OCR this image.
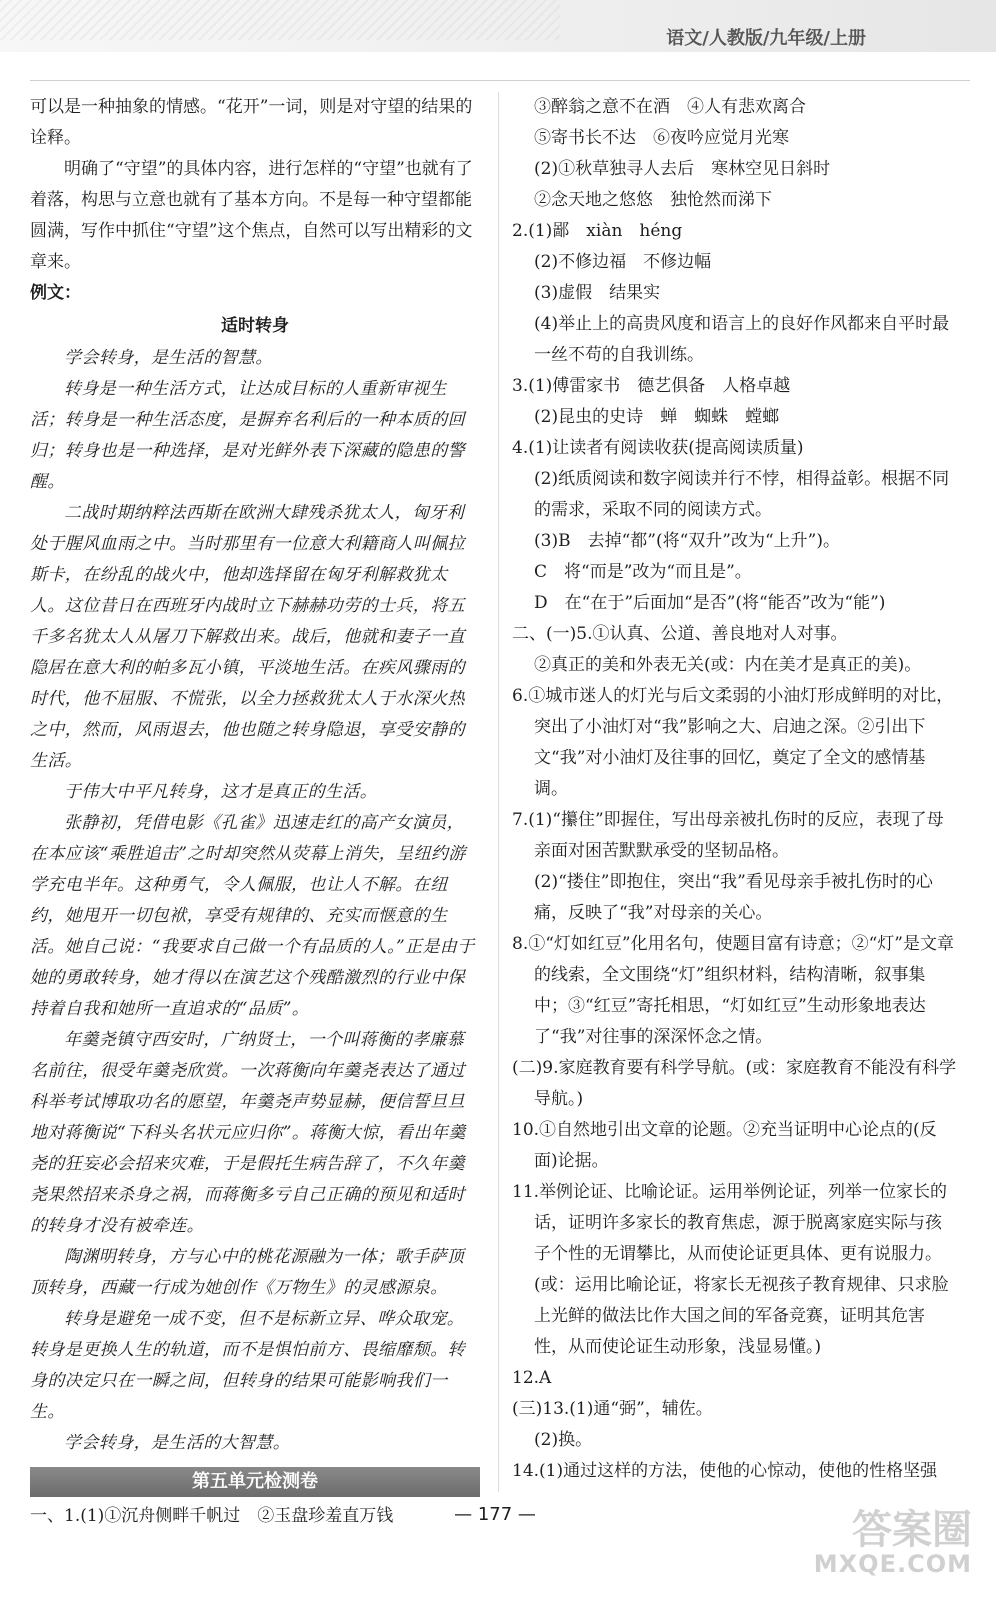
语文/人教版/九年级/上册

可以是一种抽象的情感。“花开”一词，则是对守望的结果的诠释。

明确了“守望”的具体内容，进行怎样的“守望”也就有了着落，构思与立意也就有了基本方向。不是每一种守望都能圆满，写作中抓住“守望”这个焦点，自然可以写出精彩的文章来。

例文：

适时转身

学会转身，是生活的智慧。

转身是一种生活方式，让达成目标的人重新审视生活；转身是一种生活态度，是摒弃名利后的一种本质的回归；转身也是一种选择，是对光鲜外表下深藏的隐患的警醒。

二战时期纳粹法西斯在欧洲大肆残杀犹太人，匈牙利处于腥风血雨之中。当时那里有一位意大利籍商人叫佩拉斯卡，在纷乱的战火中，他却选择留在匈牙利解救犹太人。这位昔日在西班牙内战时立下赫赫功劳的士兵，将五千多名犹太人从屠刀下解救出来。战后，他就和妻子一直隐居在意大利的帕多瓦小镇，平淡地生活。在疾风骤雨的时代，他不屈服、不慌张，以全力拯救犹太人于水深火热之中，然而，风雨退去，他也随之转身隐退，享受安静的生活。

于伟大中平凡转身，这才是真正的生活。

张静初，凭借电影《孔雀》迅速走红的高产女演员，在本应该“乘胜追击”之时却突然从荧幕上消失，呈纽约游学充电半年。这种勇气，令人佩服，也让人不解。在纽约，她甩开一切包袱，享受有规律的、充实而惬意的生活。她自己说：“我要求自己做一个有品质的人。”正是由于她的勇敢转身，她才得以在演艺这个残酷激烈的行业中保持着自我和她所一直追求的“品质”。

年羹尧镇守西安时，广纳贤士，一个叫蒋衡的孝廉慕名前往，很受年羹尧欣赏。一次蒋衡向年羹尧表达了通过科举考试博取功名的愿望，年羹尧声势显赫，便信誓旦旦地对蒋衡说“下科头名状元应归你”。蒋衡大惊，看出年羹尧的狂妄必会招来灾难，于是假托生病告辞了，不久年羹尧果然招来杀身之祸，而蒋衡多亏自己正确的预见和适时的转身才没有被牵连。

陶渊明转身，方与心中的桃花源融为一体；歌手萨顶顶转身，西藏一行成为她创作《万物生》的灵感源泉。

转身是避免一成不变，但不是标新立异、哗众取宠。转身是更换人生的轨道，而不是惧怕前方、畏缩靡颓。转身的决定只在一瞬之间，但转身的结果可能影响我们一生。

学会转身，是生活的大智慧。

第五单元检测卷

一、1.(1)①沉舟侧畔千帆过　②玉盘珍羞直万钱

③醉翁之意不在酒　④人有悲欢离合

⑤寄书长不达　⑥夜吟应觉月光寒

(2)①秋草独寻人去后　寒林空见日斜时

②念天地之悠悠　独怆然而涕下

2.(1)鄙　xiàn　héng

(2)不修边福　不修边幅

(3)虚假　结果实

(4)举止上的高贵风度和语言上的良好作风都来自平时最一丝不苟的自我训练。

3.(1)傅雷家书　德艺俱备　人格卓越

(2)昆虫的史诗　蝉　蜘蛛　螳螂

4.(1)让读者有阅读收获(提高阅读质量)

(2)纸质阅读和数字阅读并行不悖，相得益彰。根据不同的需求，采取不同的阅读方式。

(3)B　去掉“都”(将“双升”改为“上升”)。

C　将“而是”改为“而且是”。

D　在“在于”后面加“是否”(将“能否”改为“能”)

二、(一)5.①认真、公道、善良地对人对事。

②真正的美和外表无关(或：内在美才是真正的美)。

6.①城市迷人的灯光与后文柔弱的小油灯形成鲜明的对比，突出了小油灯对“我”影响之大、启迪之深。②引出下文“我”对小油灯及往事的回忆，奠定了全文的感情基调。

7.(1)“攥住”即握住，写出母亲被扎伤时的反应，表现了母亲面对困苦默默承受的坚韧品格。

(2)“搂住”即抱住，突出“我”看见母亲手被扎伤时的心痛，反映了“我”对母亲的关心。

8.①“灯如红豆”化用名句，使题目富有诗意；②“灯”是文章的线索，全文围绕“灯”组织材料，结构清晰，叙事集中；③“红豆”寄托相思，“灯如红豆”生动形象地表达了“我”对往事的深深怀念之情。

(二)9.家庭教育要有科学导航。(或：家庭教育不能没有科学导航。)

10.①自然地引出文章的论题。②充当证明中心论点的(反面)论据。

11.举例论证、比喻论证。运用举例论证，列举一位家长的话，证明许多家长的教育焦虑，源于脱离家庭实际与孩子个性的无谓攀比，从而使论证更具体、更有说服力。(或：运用比喻论证，将家长无视孩子教育规律、只求脸上光鲜的做法比作大国之间的军备竞赛，证明其危害性，从而使论证生动形象，浅显易懂。)

12.A

(三)13.(1)通“弼”，辅佐。

(2)换。

14.(1)通过这样的方法，使他的心惊动，使他的性格坚强

— 177 —	答案圈
MXQE.COM
